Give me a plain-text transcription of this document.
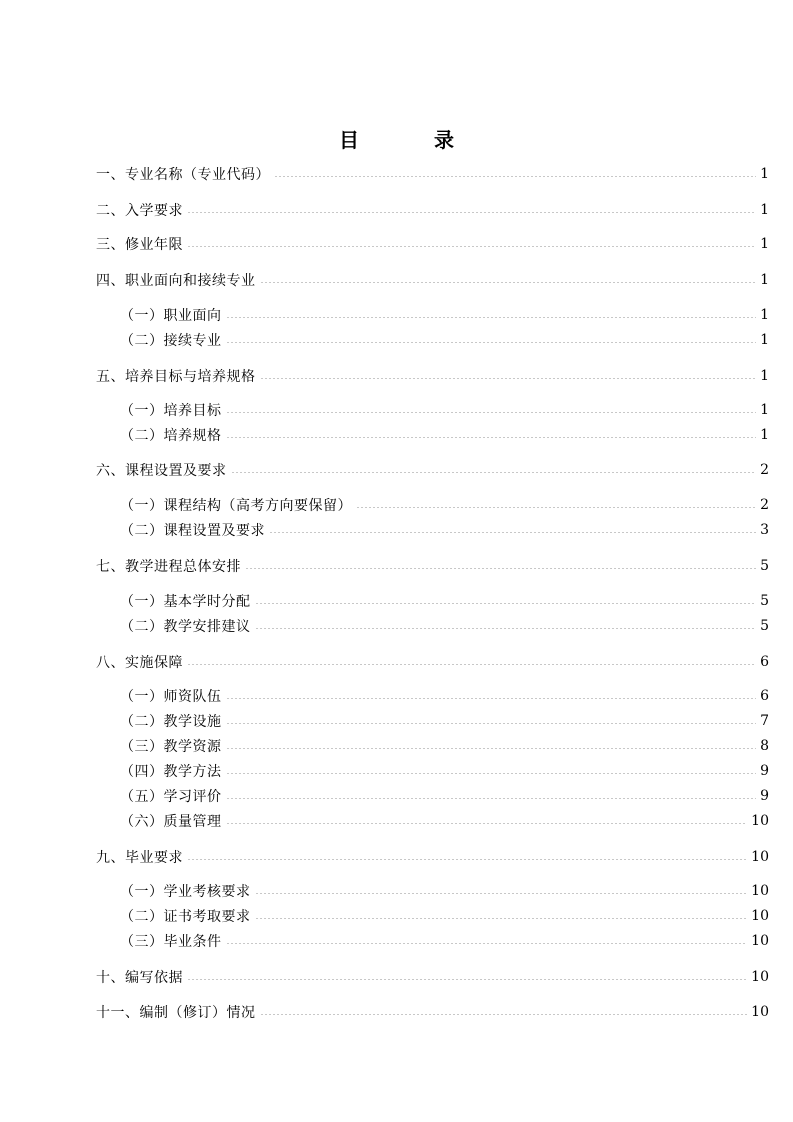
目 录
一、专业名称（专业代码）	1
二、入学要求	1
三、修业年限	1
四、职业面向和接续专业	1
（一）职业面向	1
（二）接续专业	1
五、培养目标与培养规格	1
（一）培养目标	1
（二）培养规格	1
六、课程设置及要求	2
（一）课程结构（高考方向要保留）	2
（二）课程设置及要求	3
七、教学进程总体安排	5
（一）基本学时分配	5
（二）教学安排建议	5
八、实施保障	6
（一）师资队伍	6
（二）教学设施	7
（三）教学资源	8
（四）教学方法	9
（五）学习评价	9
（六）质量管理	10
九、毕业要求	10
（一）学业考核要求	10
（二）证书考取要求	10
（三）毕业条件	10
十、编写依据	10
十一、编制（修订）情况	10
